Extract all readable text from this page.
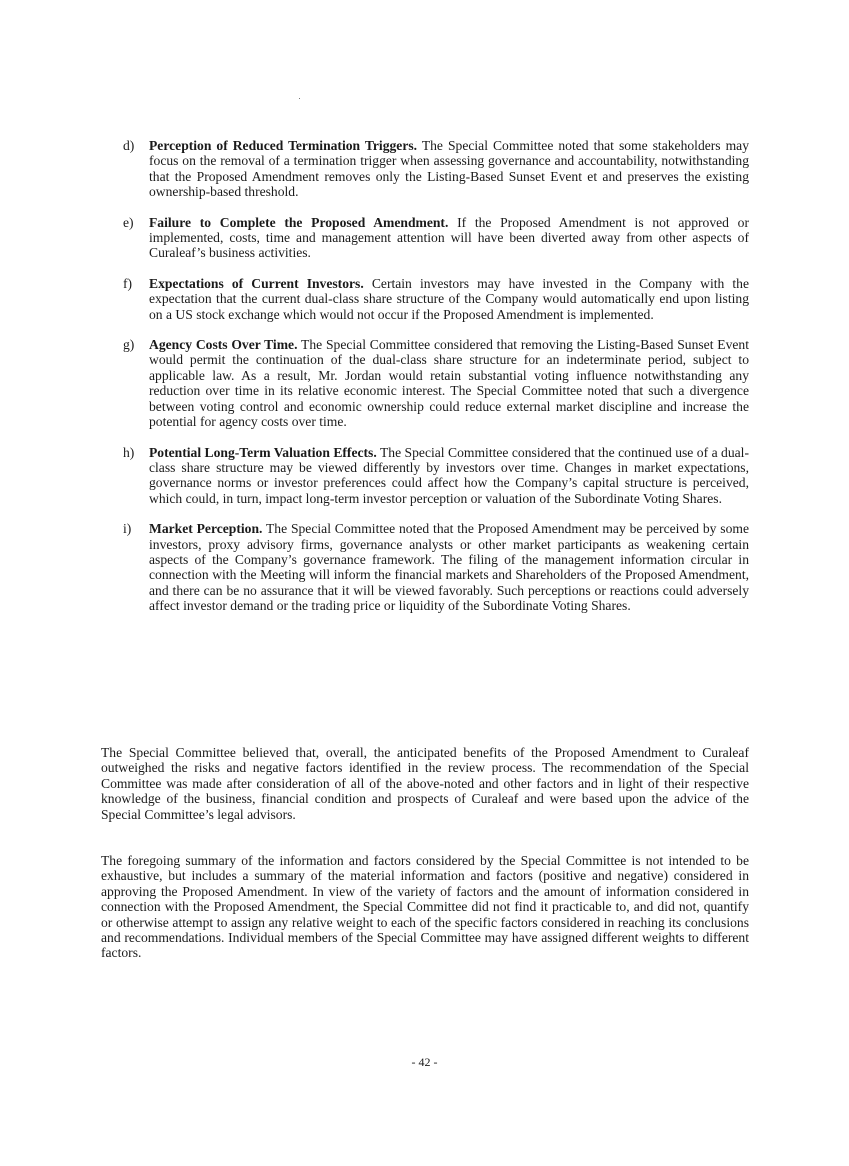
d) Perception of Reduced Termination Triggers. The Special Committee noted that some stakeholders may focus on the removal of a termination trigger when assessing governance and accountability, notwithstanding that the Proposed Amendment removes only the Listing-Based Sunset Event et and preserves the existing ownership-based threshold.
e) Failure to Complete the Proposed Amendment. If the Proposed Amendment is not approved or implemented, costs, time and management attention will have been diverted away from other aspects of Curaleaf’s business activities.
f) Expectations of Current Investors. Certain investors may have invested in the Company with the expectation that the current dual-class share structure of the Company would automatically end upon listing on a US stock exchange which would not occur if the Proposed Amendment is implemented.
g) Agency Costs Over Time. The Special Committee considered that removing the Listing-Based Sunset Event would permit the continuation of the dual-class share structure for an indeterminate period, subject to applicable law. As a result, Mr. Jordan would retain substantial voting influence notwithstanding any reduction over time in its relative economic interest. The Special Committee noted that such a divergence between voting control and economic ownership could reduce external market discipline and increase the potential for agency costs over time.
h) Potential Long-Term Valuation Effects. The Special Committee considered that the continued use of a dual-class share structure may be viewed differently by investors over time. Changes in market expectations, governance norms or investor preferences could affect how the Company’s capital structure is perceived, which could, in turn, impact long-term investor perception or valuation of the Subordinate Voting Shares.
i) Market Perception. The Special Committee noted that the Proposed Amendment may be perceived by some investors, proxy advisory firms, governance analysts or other market participants as weakening certain aspects of the Company’s governance framework. The filing of the management information circular in connection with the Meeting will inform the financial markets and Shareholders of the Proposed Amendment, and there can be no assurance that it will be viewed favorably. Such perceptions or reactions could adversely affect investor demand or the trading price or liquidity of the Subordinate Voting Shares.

The Special Committee believed that, overall, the anticipated benefits of the Proposed Amendment to Curaleaf outweighed the risks and negative factors identified in the review process. The recommendation of the Special Committee was made after consideration of all of the above-noted and other factors and in light of their respective knowledge of the business, financial condition and prospects of Curaleaf and were based upon the advice of the Special Committee’s legal advisors.

The foregoing summary of the information and factors considered by the Special Committee is not intended to be exhaustive, but includes a summary of the material information and factors (positive and negative) considered in approving the Proposed Amendment. In view of the variety of factors and the amount of information considered in connection with the Proposed Amendment, the Special Committee did not find it practicable to, and did not, quantify or otherwise attempt to assign any relative weight to each of the specific factors considered in reaching its conclusions and recommendations. Individual members of the Special Committee may have assigned different weights to different factors.

- 42 -
